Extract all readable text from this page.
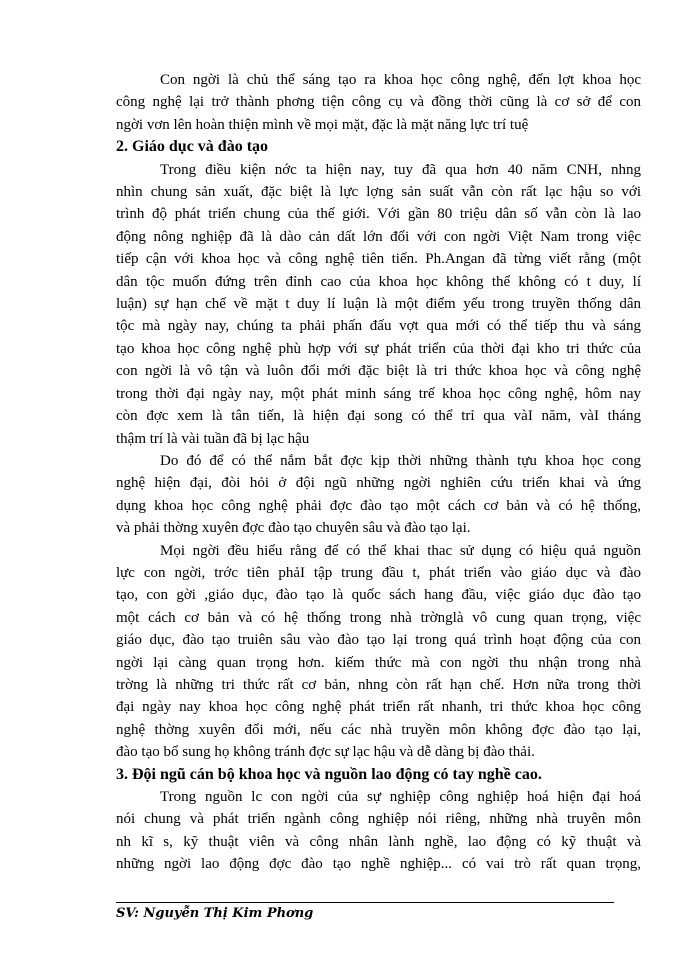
Con ngời là chủ thể sáng tạo ra khoa học công nghệ, đến lợt khoa học
công nghệ lại trở thành phơng tiện công cụ và đồng thời cũng là cơ sở để con
ngời vơn lên hoàn thiện mình về mọi mặt, đặc là mặt năng lực trí tuệ

2. Giáo dục và đào tạo

Trong điều kiện nớc ta hiện nay, tuy đã qua hơn 40 năm CNH, nhng
nhìn chung sản xuất, đặc biệt là lực lợng sản suất vẫn còn rất lạc hậu so với
trình độ phát triển chung của thế giới. Với gần 80 triệu dân số vẫn còn là lao
động nông nghiệp đã là dào cản dất lớn đối với con ngời Việt Nam trong việc
tiếp cận với khoa học và công nghệ tiên tiến. Ph.Angan đã từng viết rằng (một
dân tộc muốn đứng trên đỉnh cao của khoa học không thể không có t duy, lí
luận) sự hạn chế về mặt t duy lí luận là một điểm yếu trong truyền thống dân
tộc mà ngày nay, chúng ta phải phấn đấu vợt qua mới có thể tiếp thu và sáng
tạo khoa học công nghệ phù hợp với sự phát triển của thời đại kho tri thức của
con ngời là vô tận và luôn đổi mới đặc biệt là tri thức khoa học và công nghệ
trong thời đại ngày nay, một phát minh sáng trế khoa học công nghệ, hôm nay
còn đợc xem là tân tiến, là hiện đại song có thể trỉ qua vàI năm, vàI tháng
thậm trí là vài tuần đã bị lạc hậu

Do đó để có thể nắm bắt đợc kịp thời những thành tựu khoa học cong
nghệ hiện đại, đòi hỏi ở đội ngũ những ngời nghiên cứu triển khai và ứng
dụng khoa học công nghệ phải đợc đào tạo một cách cơ bản và có hệ thống,
và phải thờng xuyên đợc đào tạo chuyên sâu và đào tạo lại.

Mọi ngời đều hiểu rằng để có thể khai thac sử dụng có hiệu quả nguồn
lực con ngời, trớc tiên phảI tập trung đầu t, phát triển vào giáo dục và đào
tạo, con gời ,giáo dục, đào tạo là quốc sách hang đầu, việc giáo dục đào tạo
một cách cơ bản và có hệ thống trong nhà trờnglà vô cung quan trọng, việc
giáo dục, đào tạo truiên sâu vào đào tạo lại trong quá trình hoạt động của con
ngời lại càng quan trọng hơn. kiếm thức mà con ngời thu nhận trong nhà
trờng là những tri thức rất cơ bản, nhng còn rất hạn chế. Hơn nữa trong thời
đại ngày nay khoa học công nghệ phát triển rất nhanh, tri thức khoa học công
nghệ thờng xuyên đổi mới, nếu các nhà truyền môn không đợc đào tạo lại,
đào tạo bổ sung họ không tránh đợc sự lạc hậu và dễ dàng bị đào thải.

3. Đội ngũ cán bộ khoa học và nguồn lao động có tay nghề cao.

Trong nguồn lc con ngời của sự nghiệp công nghiệp hoá hiện đại hoá
nói chung và phát triển ngành công nghiệp nói riêng, những nhà truyên môn
nh kĩ s, kỹ thuật viên và công nhân lành nghề, lao động có kỹ thuật và
những ngời lao động đợc đào tạo nghề nghiệp... có vai trò rất quan trọng,

SV: Nguyễn Thị Kim Phơng
